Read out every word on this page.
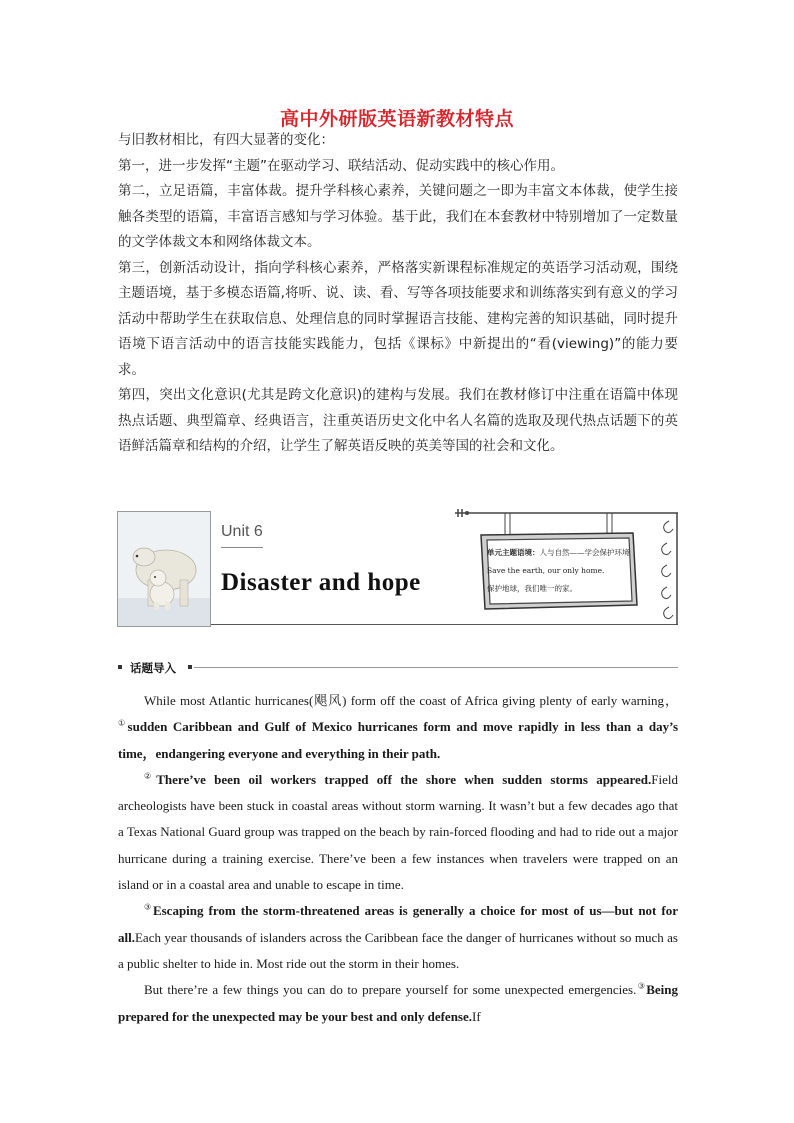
高中外研版英语新教材特点

与旧教材相比，有四大显著的变化：

第一，进一步发挥“主题”在驱动学习、联结活动、促动实践中的核心作用。

第二，立足语篇，丰富体裁。提升学科核心素养，关键问题之一即为丰富文本体裁，使学生接触各类型的语篇，丰富语言感知与学习体验。基于此，我们在本套教材中特别增加了一定数量的文学体裁文本和网络体裁文本。

第三，创新活动设计，指向学科核心素养，严格落实新课程标准规定的英语学习活动观，围绕主题语境，基于多模态语篇,将听、说、读、看、写等各项技能要求和训练落实到有意义的学习活动中帮助学生在获取信息、处理信息的同时掌握语言技能、建构完善的知识基础，同时提升语境下语言活动中的语言技能实践能力，包括《课标》中新提出的“看(viewing)”的能力要求。

第四，突出文化意识(尤其是跨文化意识)的建构与发展。我们在教材修订中注重在语篇中体现热点话题、典型篇章、经典语言，注重英语历史文化中名人名篇的选取及现代热点话题下的英语鲜活篇章和结构的介绍，让学生了解英语反映的英美等国的社会和文化。

Unit 6
Disaster and hope
单元主题语境：人与自然——学会保护环境
Save the earth, our only home.
保护地球，我们唯一的家。
话题导入

While most Atlantic hurricanes(飓风) form off the coast of Africa giving plenty of early warning，①sudden Caribbean and Gulf of Mexico hurricanes form and move rapidly in less than a day’s time，endangering everyone and everything in their path.

②There’ve been oil workers trapped off the shore when sudden storms appeared.Field archeologists have been stuck in coastal areas without storm warning. It wasn’t but a few decades ago that a Texas National Guard group was trapped on the beach by rain-forced flooding and had to ride out a major hurricane during a training exercise. There’ve been a few instances when travelers were trapped on an island or in a coastal area and unable to escape in time.

③Escaping from the storm-threatened areas is generally a choice for most of us—but not for all.Each year thousands of islanders across the Caribbean face the danger of hurricanes without so much as a public shelter to hide in. Most ride out the storm in their homes.

But there’re a few things you can do to prepare yourself for some unexpected emergencies.③Being prepared for the unexpected may be your best and only defense.If
